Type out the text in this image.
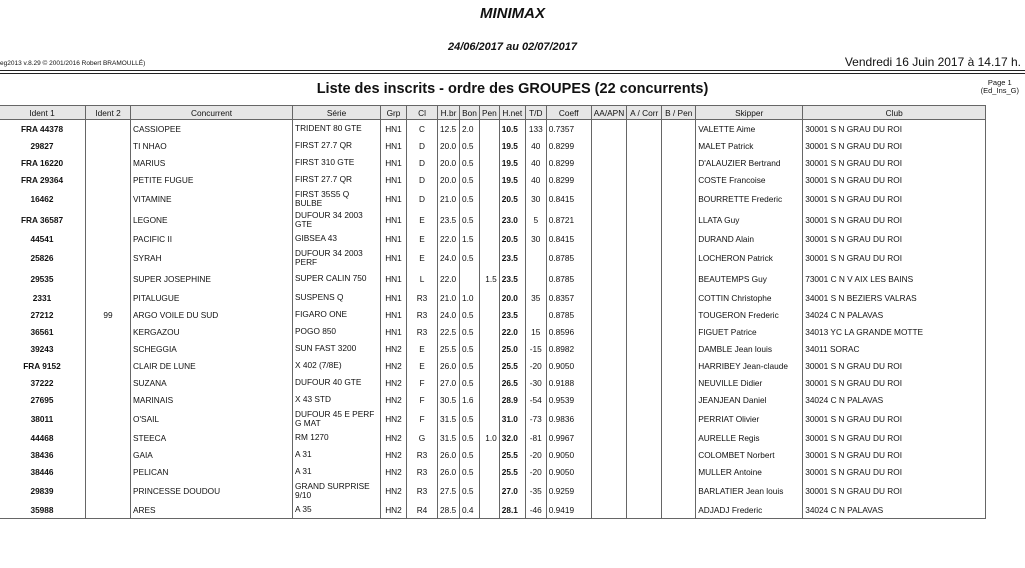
MINIMAX
24/06/2017 au 02/07/2017
eg2013 v.8.29 © 2001/2016 Robert BRAMOULLÉ)	Vendredi 16 Juin 2017 à 14.17 h.
Liste des inscrits - ordre des GROUPES (22 concurrents)	Page 1
(Ed_Ins_G)
Ident 1	Ident 2	Concurrent	Série	Grp	Cl	H.br	Bon	Pen	H.net	T/D	Coeff	AA/APN	A / Corr	B / Pen	Skipper	Club
FRA 44378		CASSIOPEE	TRIDENT 80 GTE	HN1	C	12.5	2.0		10.5	133	0.7357				VALETTE Aime	30001 S N GRAU DU ROI
29827		TI NHAO	FIRST 27.7 QR	HN1	D	20.0	0.5		19.5	40	0.8299				MALET Patrick	30001 S N GRAU DU ROI
FRA 16220		MARIUS	FIRST 310 GTE	HN1	D	20.0	0.5		19.5	40	0.8299				D'ALAUZIER Bertrand	30001 S N GRAU DU ROI
FRA 29364		PETITE FUGUE	FIRST 27.7 QR	HN1	D	20.0	0.5		19.5	40	0.8299				COSTE Francoise	30001 S N GRAU DU ROI
16462		VITAMINE	FIRST 35S5 Q BULBE	HN1	D	21.0	0.5		20.5	30	0.8415				BOURRETTE Frederic	30001 S N GRAU DU ROI
FRA 36587		LEGONE	DUFOUR 34 2003 GTE	HN1	E	23.5	0.5		23.0	5	0.8721				LLATA Guy	30001 S N GRAU DU ROI
44541		PACIFIC II	GIBSEA 43	HN1	E	22.0	1.5		20.5	30	0.8415				DURAND Alain	30001 S N GRAU DU ROI
25826		SYRAH	DUFOUR 34 2003 PERF	HN1	E	24.0	0.5		23.5		0.8785				LOCHERON Patrick	30001 S N GRAU DU ROI
29535		SUPER JOSEPHINE	SUPER CALIN 750	HN1	L	22.0		1.5	23.5		0.8785				BEAUTEMPS Guy	73001 C N V AIX LES BAINS
2331		PITALUGUE	SUSPENS Q	HN1	R3	21.0	1.0		20.0	35	0.8357				COTTIN Christophe	34001 S N BEZIERS VALRAS
27212	99	ARGO VOILE DU SUD	FIGARO ONE	HN1	R3	24.0	0.5		23.5		0.8785				TOUGERON Frederic	34024 C N PALAVAS
36561		KERGAZOU	POGO 850	HN1	R3	22.5	0.5		22.0	15	0.8596				FIGUET Patrice	34013 YC LA GRANDE MOTTE
39243		SCHEGGIA	SUN FAST 3200	HN2	E	25.5	0.5		25.0	-15	0.8982				DAMBLE Jean louis	34011 SORAC
FRA 9152		CLAIR DE LUNE	X 402 (7/8E)	HN2	E	26.0	0.5		25.5	-20	0.9050				HARRIBEY Jean-claude	30001 S N GRAU DU ROI
37222		SUZANA	DUFOUR 40 GTE	HN2	F	27.0	0.5		26.5	-30	0.9188				NEUVILLE Didier	30001 S N GRAU DU ROI
27695		MARINAIS	X 43 STD	HN2	F	30.5	1.6		28.9	-54	0.9539				JEANJEAN Daniel	34024 C N PALAVAS
38011		O'SAIL	DUFOUR 45 E PERF G MAT	HN2	F	31.5	0.5		31.0	-73	0.9836				PERRIAT Olivier	30001 S N GRAU DU ROI
44468		STEECA	RM 1270	HN2	G	31.5	0.5	1.0	32.0	-81	0.9967				AURELLE Regis	30001 S N GRAU DU ROI
38436		GAIA	A 31	HN2	R3	26.0	0.5		25.5	-20	0.9050				COLOMBET Norbert	30001 S N GRAU DU ROI
38446		PELICAN	A 31	HN2	R3	26.0	0.5		25.5	-20	0.9050				MULLER Antoine	30001 S N GRAU DU ROI
29839		PRINCESSE DOUDOU	GRAND SURPRISE 9/10	HN2	R3	27.5	0.5		27.0	-35	0.9259				BARLATIER Jean louis	30001 S N GRAU DU ROI
35988		ARES	A 35	HN2	R4	28.5	0.4		28.1	-46	0.9419				ADJADJ Frederic	34024 C N PALAVAS
